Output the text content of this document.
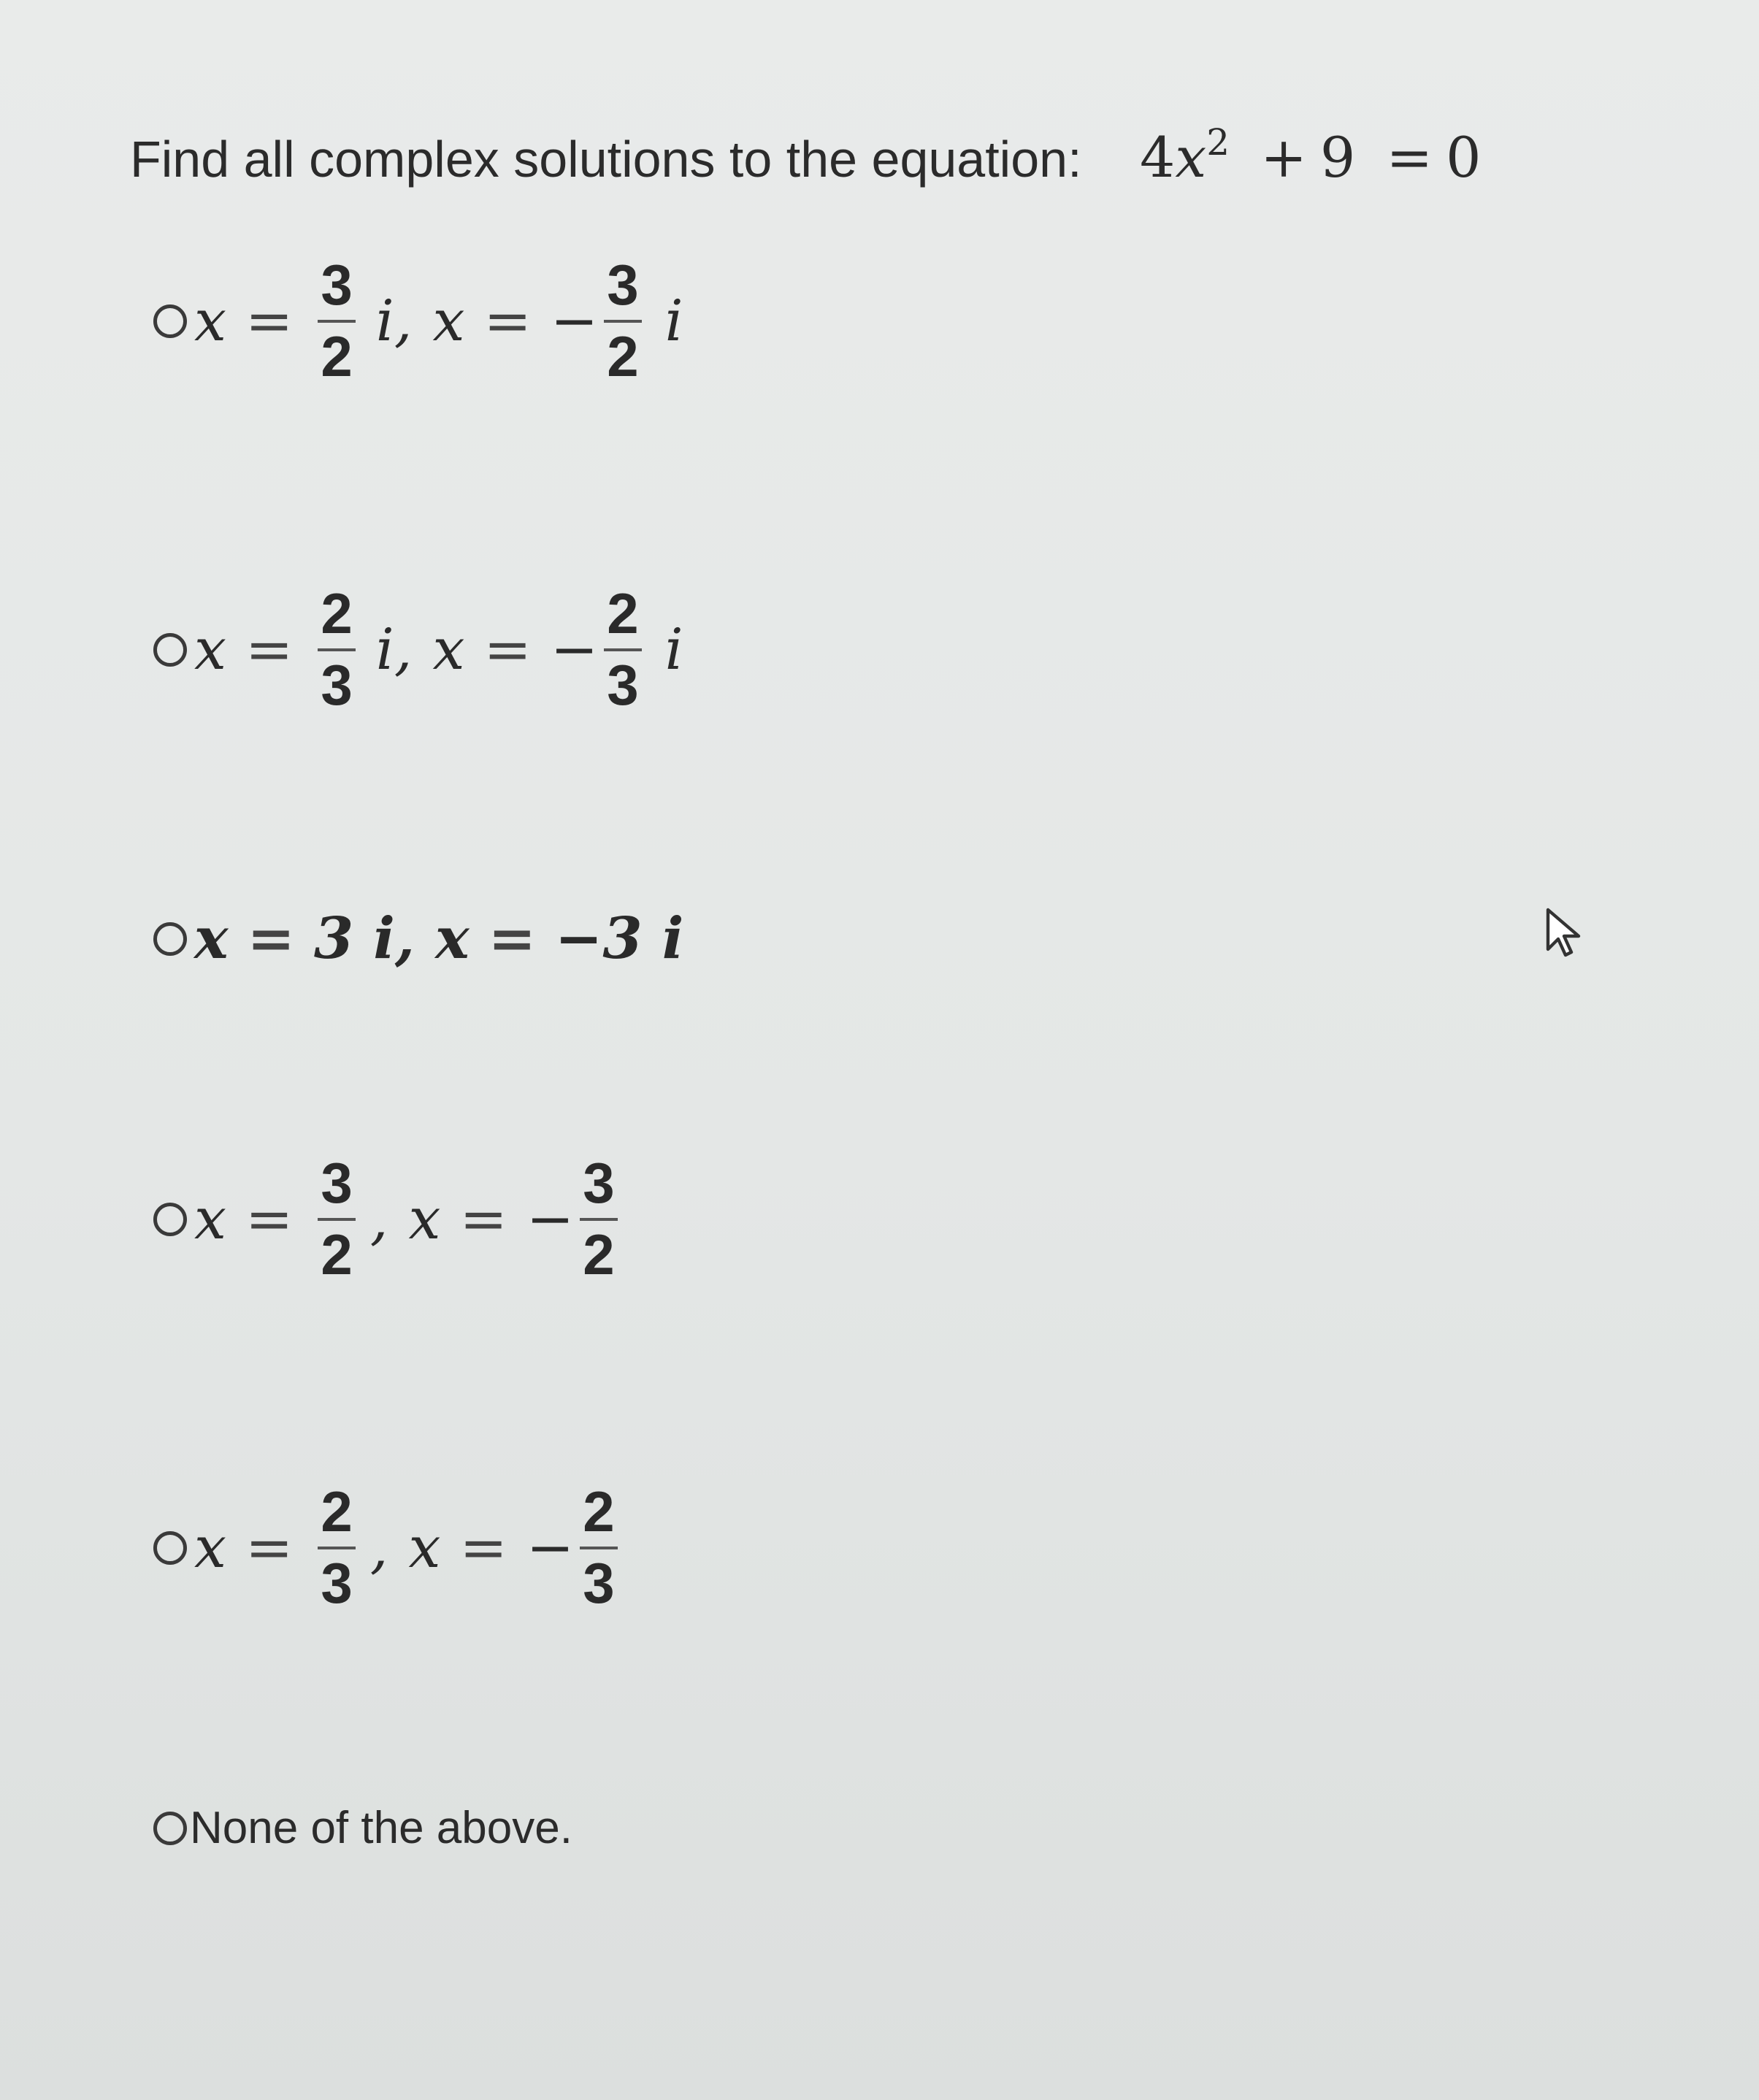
Find all complex solutions to the equation: $4x^2 + 9 = 0$
$x = \frac{3}{2} i$, x = − $\frac{3}{2}$ i
$x = \frac{2}{3} i$, x = − $\frac{2}{3}$ i
x = 3 i, x = −3 i
$x = \frac{3}{2}$ , x = − $\frac{3}{2}$
$x = \frac{2}{3}$ , x = − $\frac{2}{3}$
None of the above.
